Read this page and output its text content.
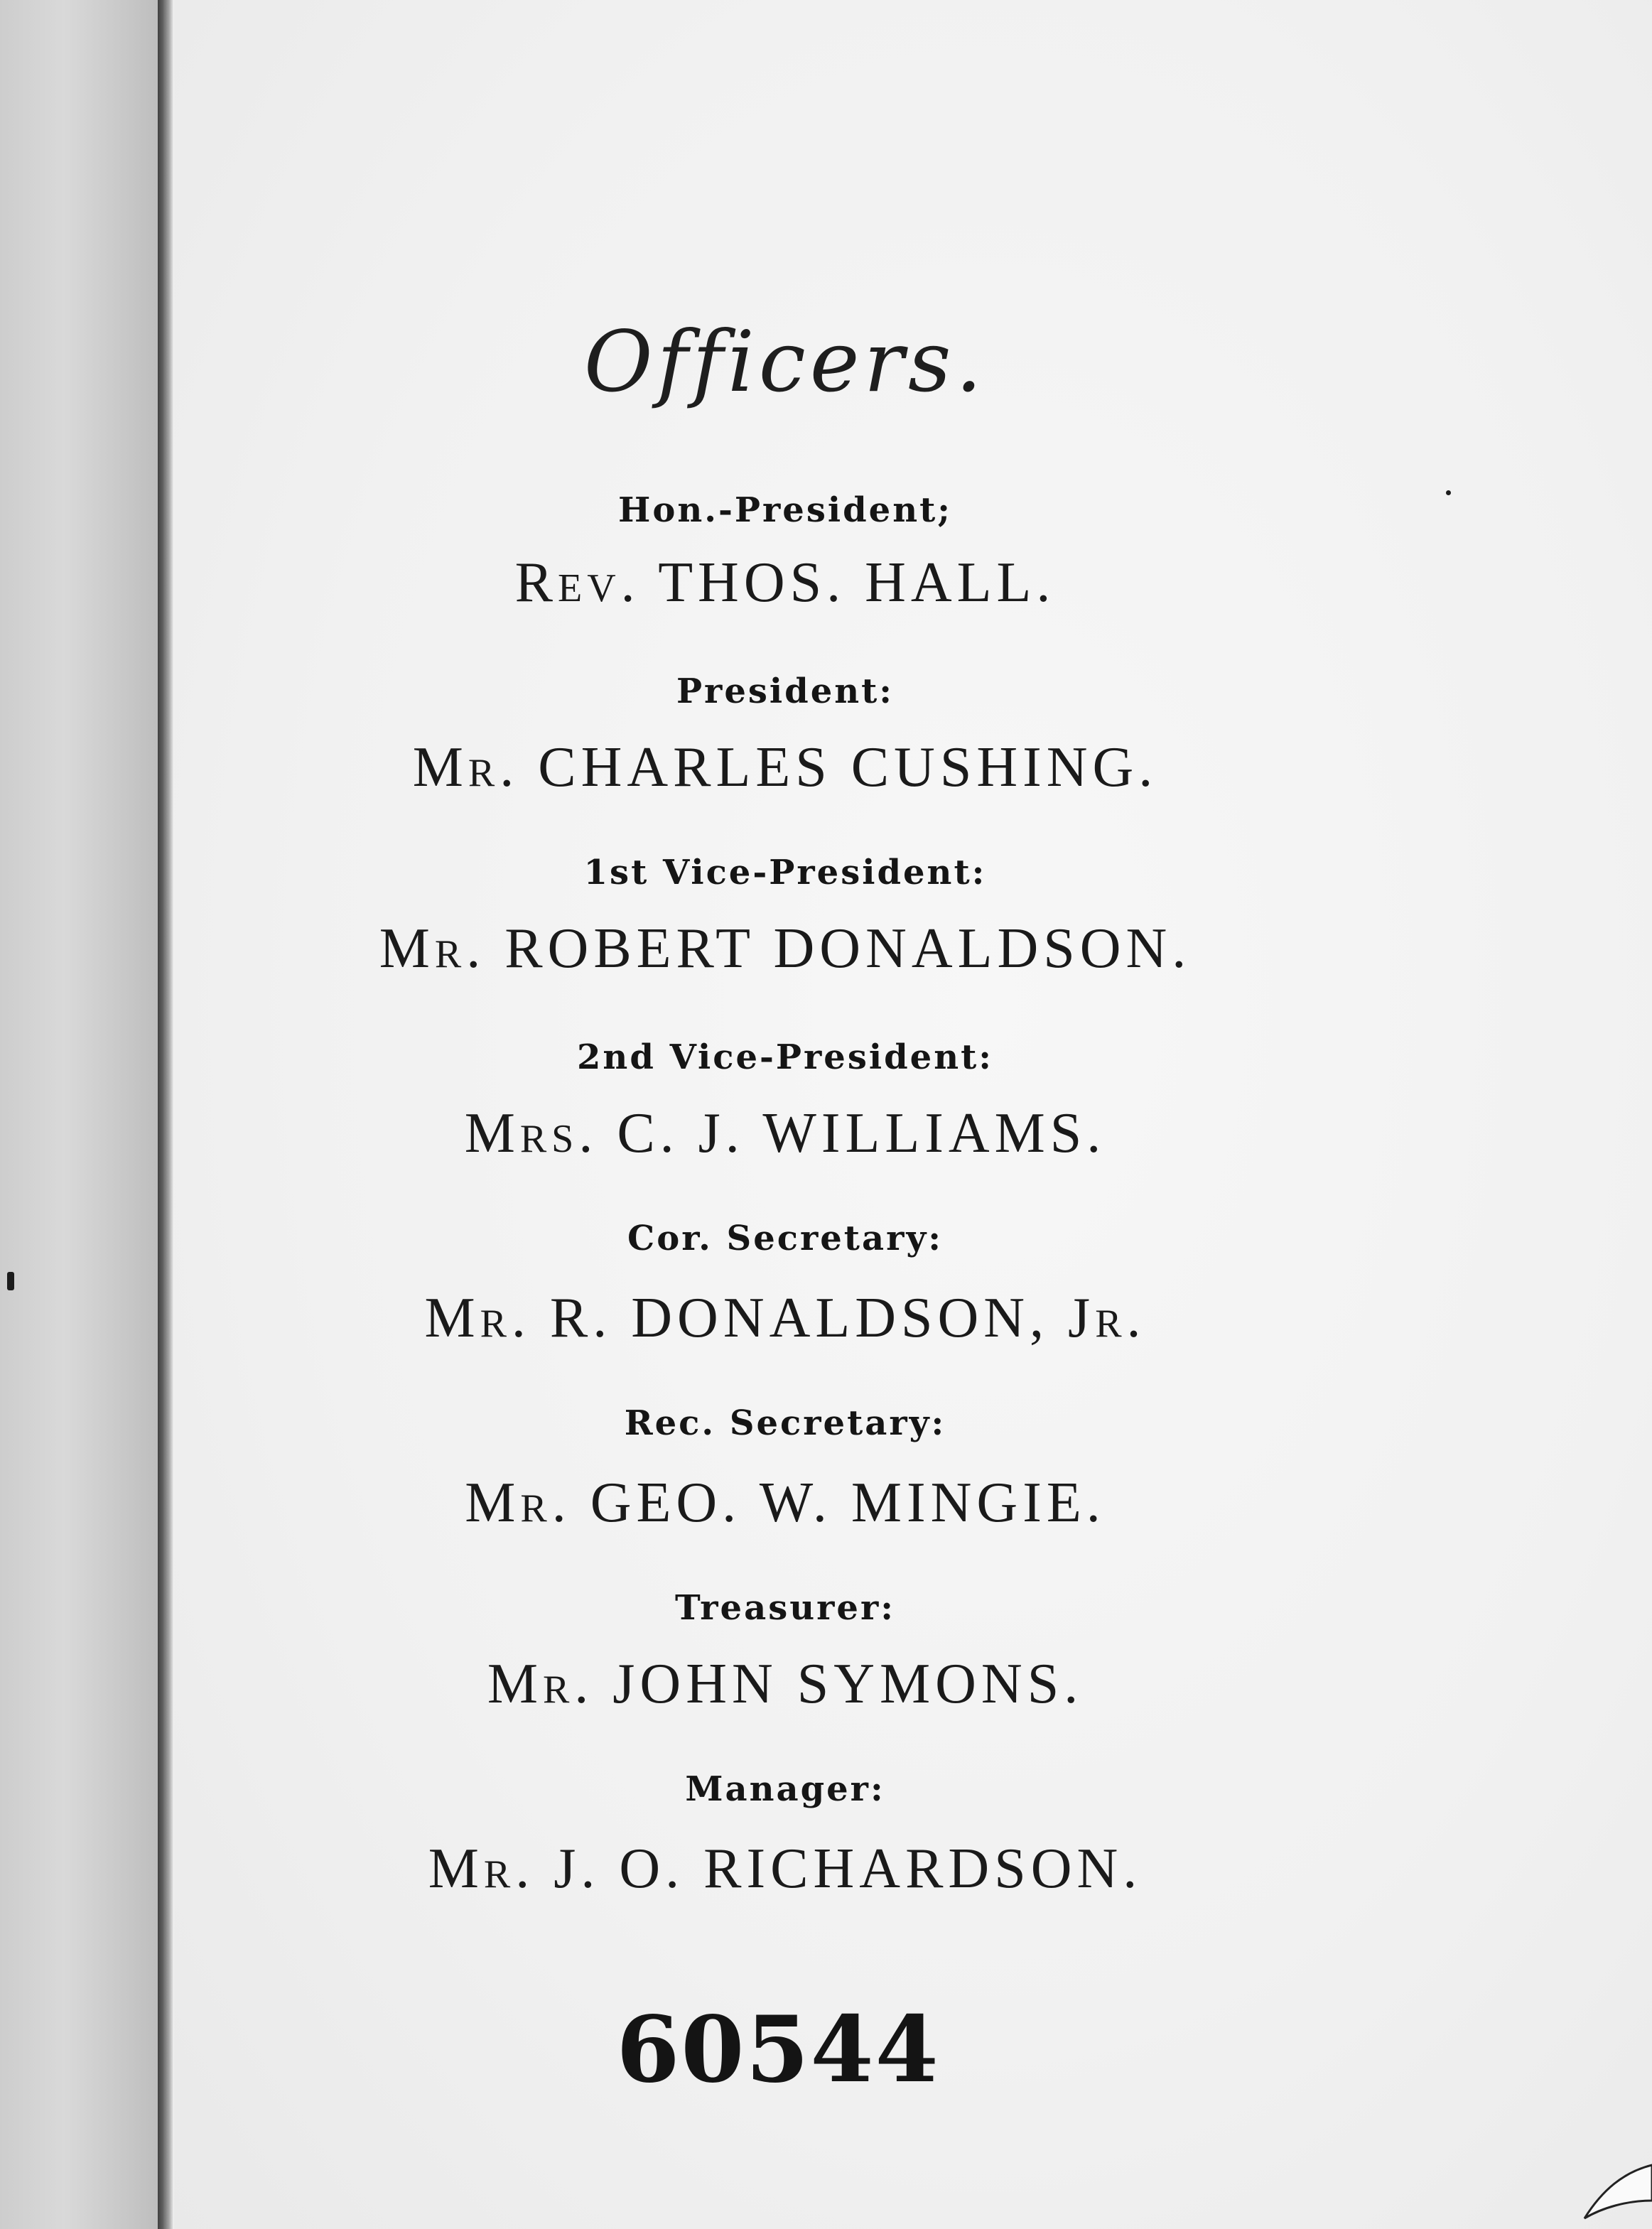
Officers.
Hon.-President;
Rev. THOS. HALL.
President:
Mr. CHARLES CUSHING.
1st Vice-President:
Mr. ROBERT DONALDSON.
2nd Vice-President:
Mrs. C. J. WILLIAMS.
Cor. Secretary:
Mr. R. DONALDSON, Jr.
Rec. Secretary:
Mr. GEO. W. MINGIE.
Treasurer:
Mr. JOHN SYMONS.
Manager:
Mr. J. O. RICHARDSON.
60544
